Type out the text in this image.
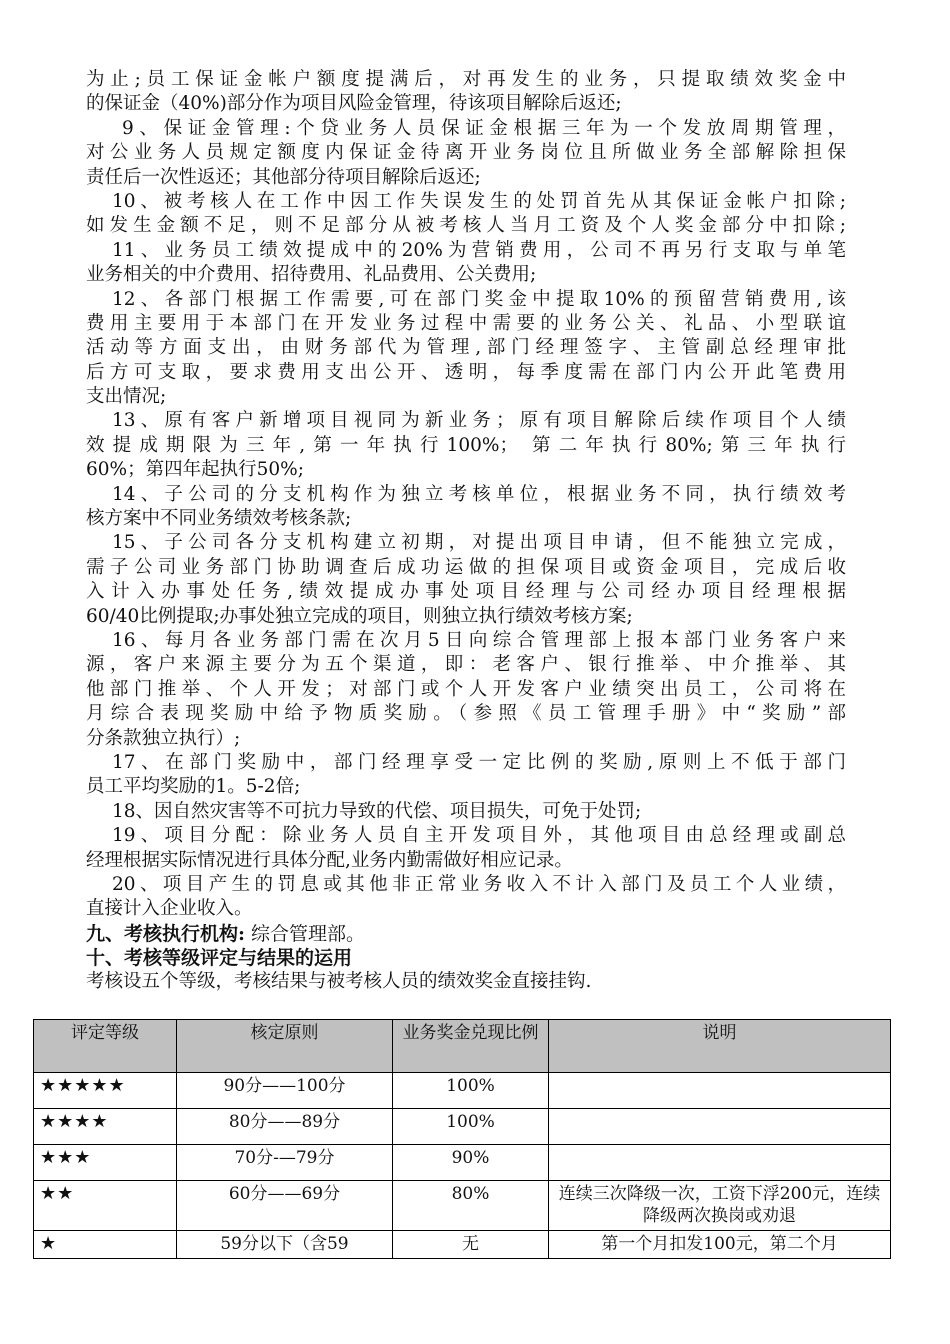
为止;员工保证金帐户额度提满后，对再发生的业务，只提取绩效奖金中
的保证金（40%)部分作为项目风险金管理，待该项目解除后返还;
9、保证金管理:个贷业务人员保证金根据三年为一个发放周期管理，
对公业务人员规定额度内保证金待离开业务岗位且所做业务全部解除担保
责任后一次性返还；其他部分待项目解除后返还;
10、被考核人在工作中因工作失误发生的处罚首先从其保证金帐户扣除;
如发生金额不足，则不足部分从被考核人当月工资及个人奖金部分中扣除;
11、业务员工绩效提成中的20%为营销费用，公司不再另行支取与单笔
业务相关的中介费用、招待费用、礼品费用、公关费用;
12、各部门根据工作需要,可在部门奖金中提取10%的预留营销费用,该
费用主要用于本部门在开发业务过程中需要的业务公关、礼品、小型联谊
活动等方面支出，由财务部代为管理,部门经理签字、主管副总经理审批
后方可支取，要求费用支出公开、透明，每季度需在部门内公开此笔费用
支出情况;
13、原有客户新增项目视同为新业务；原有项目解除后续作项目个人绩
效提成期限为三年,第一年执行100%； 第二年执行80%;第三年执行
60%；第四年起执行50%;
14、子公司的分支机构作为独立考核单位，根据业务不同，执行绩效考
核方案中不同业务绩效考核条款;
15、子公司各分支机构建立初期，对提出项目申请，但不能独立完成，
需子公司业务部门协助调查后成功运做的担保项目或资金项目，完成后收
入计入办事处任务,绩效提成办事处项目经理与公司经办项目经理根据
60/40比例提取;办事处独立完成的项目，则独立执行绩效考核方案;
16、每月各业务部门需在次月5日向综合管理部上报本部门业务客户来
源，客户来源主要分为五个渠道，即：老客户、银行推举、中介推举、其
他部门推举、个人开发；对部门或个人开发客户业绩突出员工，公司将在
月综合表现奖励中给予物质奖励。（参照《员工管理手册》中“奖励”部
分条款独立执行）;
17、在部门奖励中，部门经理享受一定比例的奖励,原则上不低于部门
员工平均奖励的1。5-2倍;
18、因自然灾害等不可抗力导致的代偿、项目损失，可免于处罚;
19、项目分配：除业务人员自主开发项目外，其他项目由总经理或副总
经理根据实际情况进行具体分配,业务内勤需做好相应记录。
20、项目产生的罚息或其他非正常业务收入不计入部门及员工个人业绩，
直接计入企业收入。
九、考核执行机构: 综合管理部。
十、考核等级评定与结果的运用
考核设五个等级，考核结果与被考核人员的绩效奖金直接挂钩.
评定等级	核定原则	业务奖金兑现比例	说明
★★★★★	90分——100分	100%	
★★★★	80分——89分	100%	
★★★	70分-—79分	90%	
★★	60分——69分	80%	连续三次降级一次，工资下浮200元，连续降级两次换岗或劝退
★	59分以下（含59	无	第一个月扣发100元，第二个月
